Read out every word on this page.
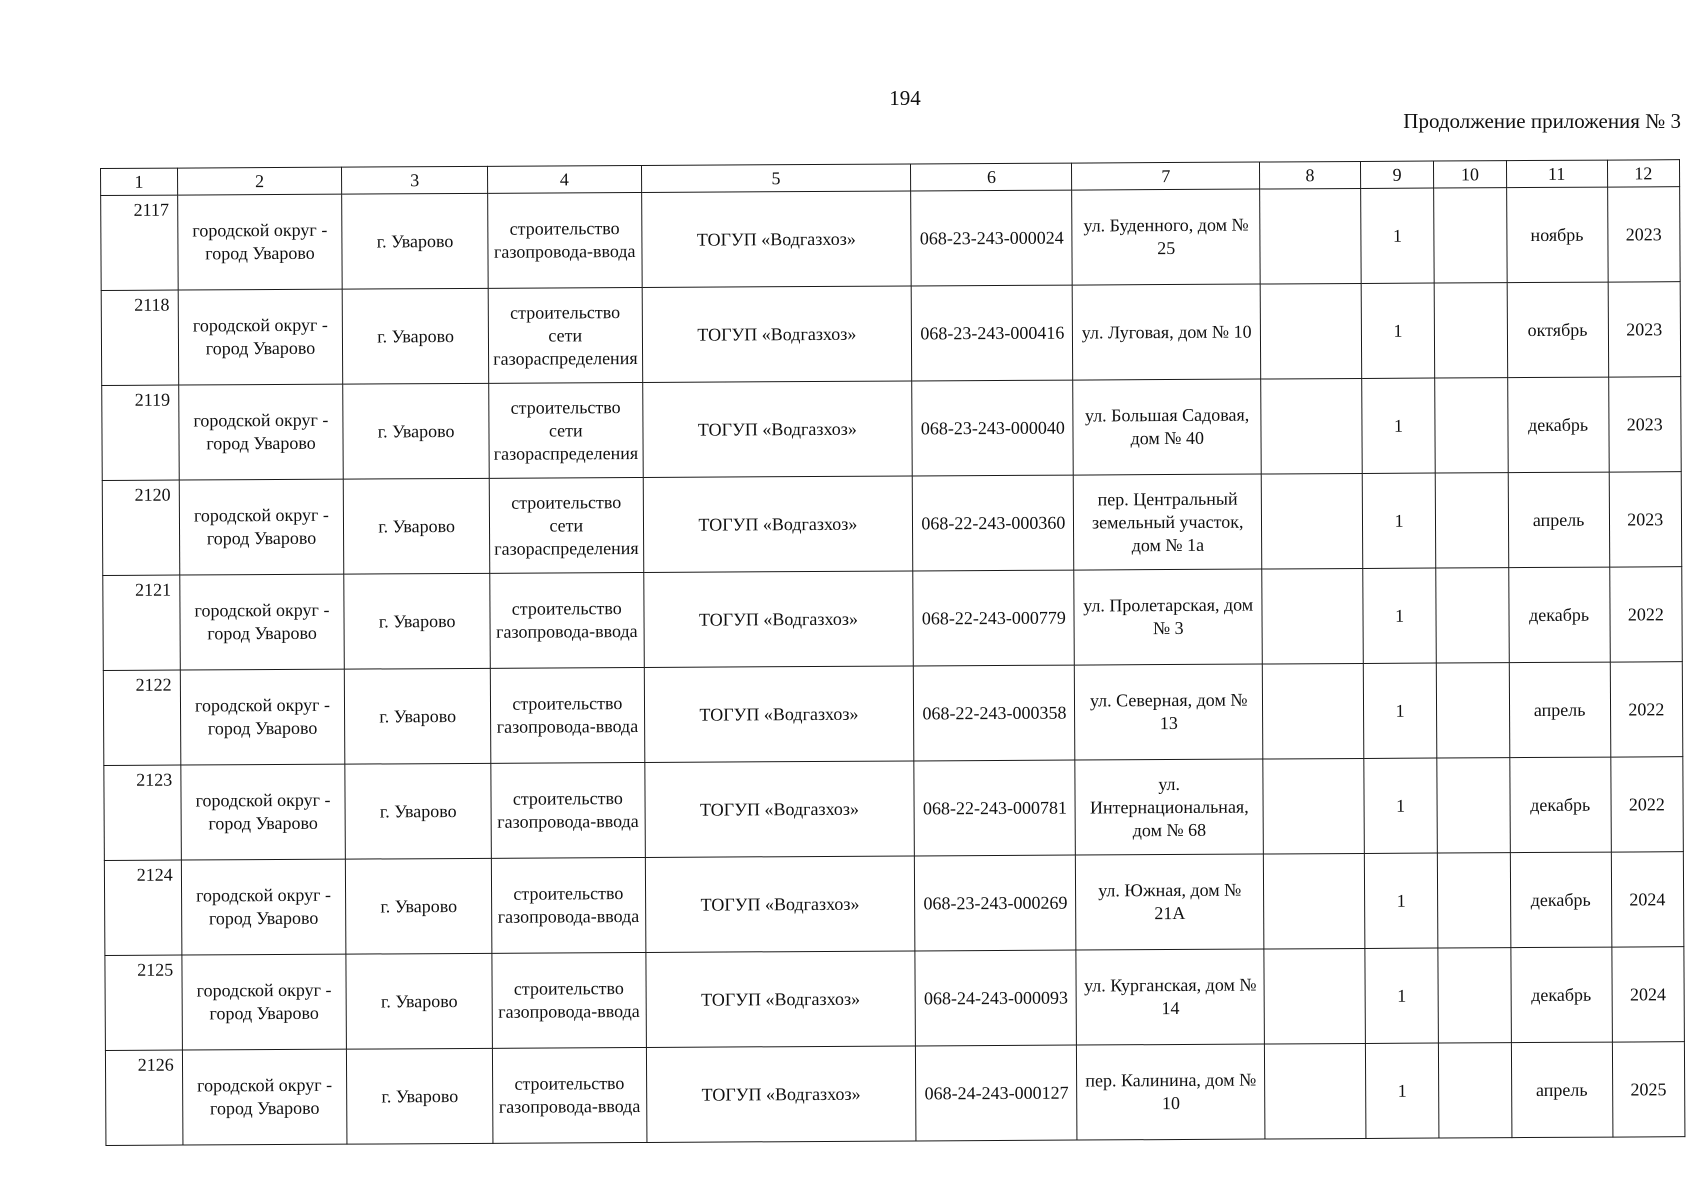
194
Продолжение приложения № 3
1	2	3	4	5	6	7	8	9	10	11	12
2117	городской округ - город Уварово	г. Уварово	строительство газопровода-ввода	ТОГУП «Водгазхоз»	068-23-243-000024	ул. Буденного, дом № 25		1		ноябрь	2023
2118	городской округ - город Уварово	г. Уварово	строительство сети газораспределения	ТОГУП «Водгазхоз»	068-23-243-000416	ул. Луговая, дом № 10		1		октябрь	2023
2119	городской округ - город Уварово	г. Уварово	строительство сети газораспределения	ТОГУП «Водгазхоз»	068-23-243-000040	ул. Большая Садовая, дом № 40		1		декабрь	2023
2120	городской округ - город Уварово	г. Уварово	строительство сети газораспределения	ТОГУП «Водгазхоз»	068-22-243-000360	пер. Центральный земельный участок, дом № 1а		1		апрель	2023
2121	городской округ - город Уварово	г. Уварово	строительство газопровода-ввода	ТОГУП «Водгазхоз»	068-22-243-000779	ул. Пролетарская, дом № 3		1		декабрь	2022
2122	городской округ - город Уварово	г. Уварово	строительство газопровода-ввода	ТОГУП «Водгазхоз»	068-22-243-000358	ул. Северная, дом № 13		1		апрель	2022
2123	городской округ - город Уварово	г. Уварово	строительство газопровода-ввода	ТОГУП «Водгазхоз»	068-22-243-000781	ул. Интернациональная, дом № 68		1		декабрь	2022
2124	городской округ - город Уварово	г. Уварово	строительство газопровода-ввода	ТОГУП «Водгазхоз»	068-23-243-000269	ул. Южная, дом № 21А		1		декабрь	2024
2125	городской округ - город Уварово	г. Уварово	строительство газопровода-ввода	ТОГУП «Водгазхоз»	068-24-243-000093	ул. Курганская, дом № 14		1		декабрь	2024
2126	городской округ - город Уварово	г. Уварово	строительство газопровода-ввода	ТОГУП «Водгазхоз»	068-24-243-000127	пер. Калинина, дом № 10		1		апрель	2025
